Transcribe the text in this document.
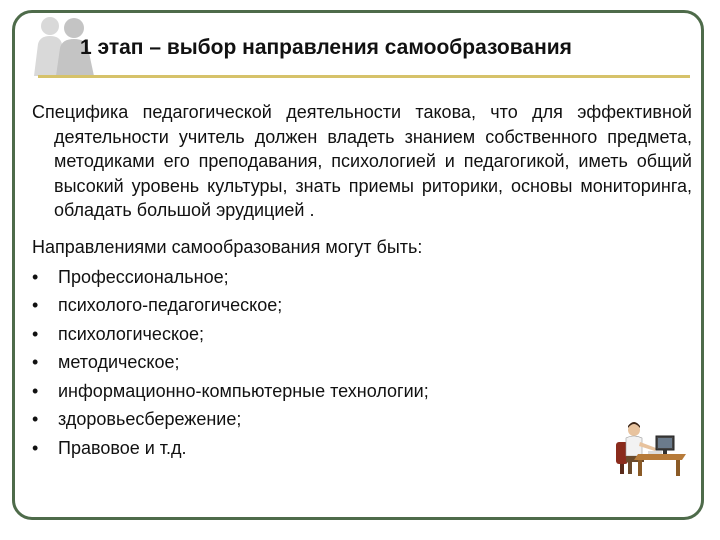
1 этап – выбор направления самообразования

Специфика педагогической деятельности такова, что для эффективной деятельности учитель должен владеть знанием собственного предмета, методиками его преподавания, психологией и педагогикой, иметь общий высокий уровень культуры, знать приемы риторики, основы мониторинга, обладать большой эрудицией .

Направлениями самообразования могут быть:
• Профессиональное;
• психолого-педагогическое;
• психологическое;
• методическое;
• информационно-компьютерные технологии;
• здоровьесбережение;
• Правовое и т.д.
